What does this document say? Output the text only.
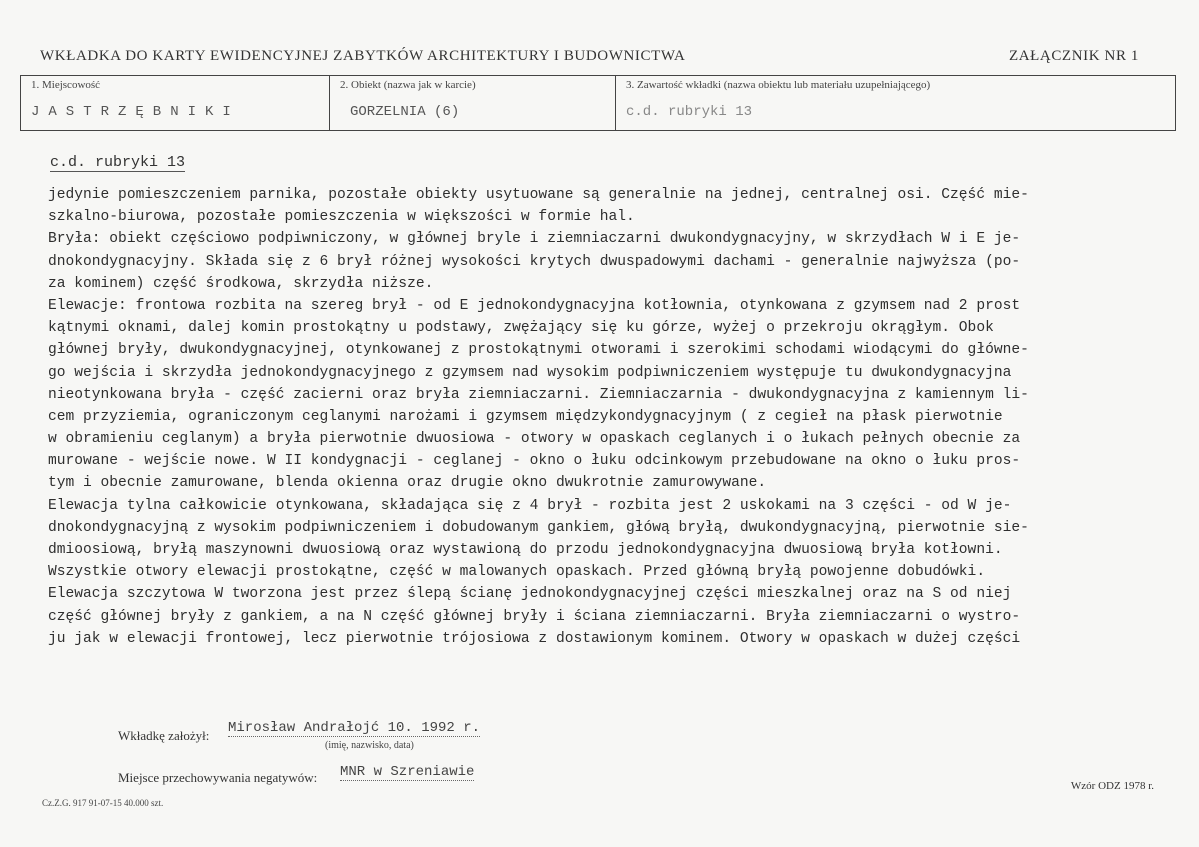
WKŁADKA DO KARTY EWIDENCYJNEJ ZABYTKÓW ARCHITEKTURY I BUDOWNICTWA	ZAŁĄCZNIK NR 1
1. Miejscowość
JASTRZĘBNIKI
2. Obiekt (nazwa jak w karcie)
GORZELNIA (6)
3. Zawartość wkładki (nazwa obiektu lub materiału uzupełniającego)
c.d. rubryki 13
c.d. rubryki 13
jedynie pomieszczeniem parnika, pozostałe obiekty usytuowane są generalnie na jednej, centralnej osi. Część mie-
szkalno-biurowa, pozostałe pomieszczenia w większości w formie hal.
Bryła: obiekt częściowo podpiwniczony, w głównej bryle i ziemniaczarni dwukondygnacyjny, w skrzydłach W i E je-
dnokondygnacyjny. Składa się z 6 brył różnej wysokości krytych dwuspadowymi dachami - generalnie najwyższa (po-
za kominem) część środkowa, skrzydła niższe.
Elewacje: frontowa rozbita na szereg brył - od E jednokondygnacyjna kotłownia, otynkowana z gzymsem nad 2 prost
kątnymi oknami, dalej komin prostokątny u podstawy, zwężający się ku górze, wyżej o przekroju okrągłym. Obok
głównej bryły, dwukondygnacyjnej, otynkowanej z prostokątnymi otworami i szerokimi schodami wiodącymi do główne-
go wejścia i skrzydła jednokondygnacyjnego z gzymsem nad wysokim podpiwniczeniem występuje tu dwukondygnacyjna
nieotynkowana bryła - część zacierni oraz bryła ziemniaczarni. Ziemniaczarnia - dwukondygnacyjna z kamiennym li-
cem przyziemia, ograniczonym ceglanymi narożami i gzymsem międzykondygnacyjnym ( z cegieł na płask pierwotnie
w obramieniu ceglanym) a bryła pierwotnie dwuosiowa - otwory w opaskach ceglanych i o łukach pełnych obecnie za
murowane - wejście nowe. W II kondygnacji - ceglanej - okno o łuku odcinkowym przebudowane na okno o łuku pros-
tym i obecnie zamurowane, blenda okienna oraz drugie okno dwukrotnie zamurowywane.
Elewacja tylna całkowicie otynkowana, składająca się z 4 brył - rozbita jest 2 uskokami na 3 części - od W je-
dnokondygnacyjną z wysokim podpiwniczeniem i dobudowanym gankiem, główą bryłą, dwukondygnacyjną, pierwotnie sie-
dmioosiową, bryłą maszynowni dwuosiową oraz wystawioną do przodu jednokondygnacyjna dwuosiową bryła kotłowni.
Wszystkie otwory elewacji prostokątne, część w malowanych opaskach. Przed główną bryłą powojenne dobudówki.
Elewacja szczytowa W tworzona jest przez ślepą ścianę jednokondygnacyjnej części mieszkalnej oraz na S od niej
część głównej bryły z gankiem, a na N część głównej bryły i ściana ziemniaczarni. Bryła ziemniaczarni o wystro-
ju jak w elewacji frontowej, lecz pierwotnie trójosiowa z dostawionym kominem. Otwory w opaskach w dużej części
Wkładkę założył: Mirosław Andrałojć 10. 1992 r.
(imię, nazwisko, data)
Miejsce przechowywania negatywów: MNR w Szreniawie
Cz.Z.G. 917 91-07-15 40.000 szt.
Wzór ODZ 1978 r.
